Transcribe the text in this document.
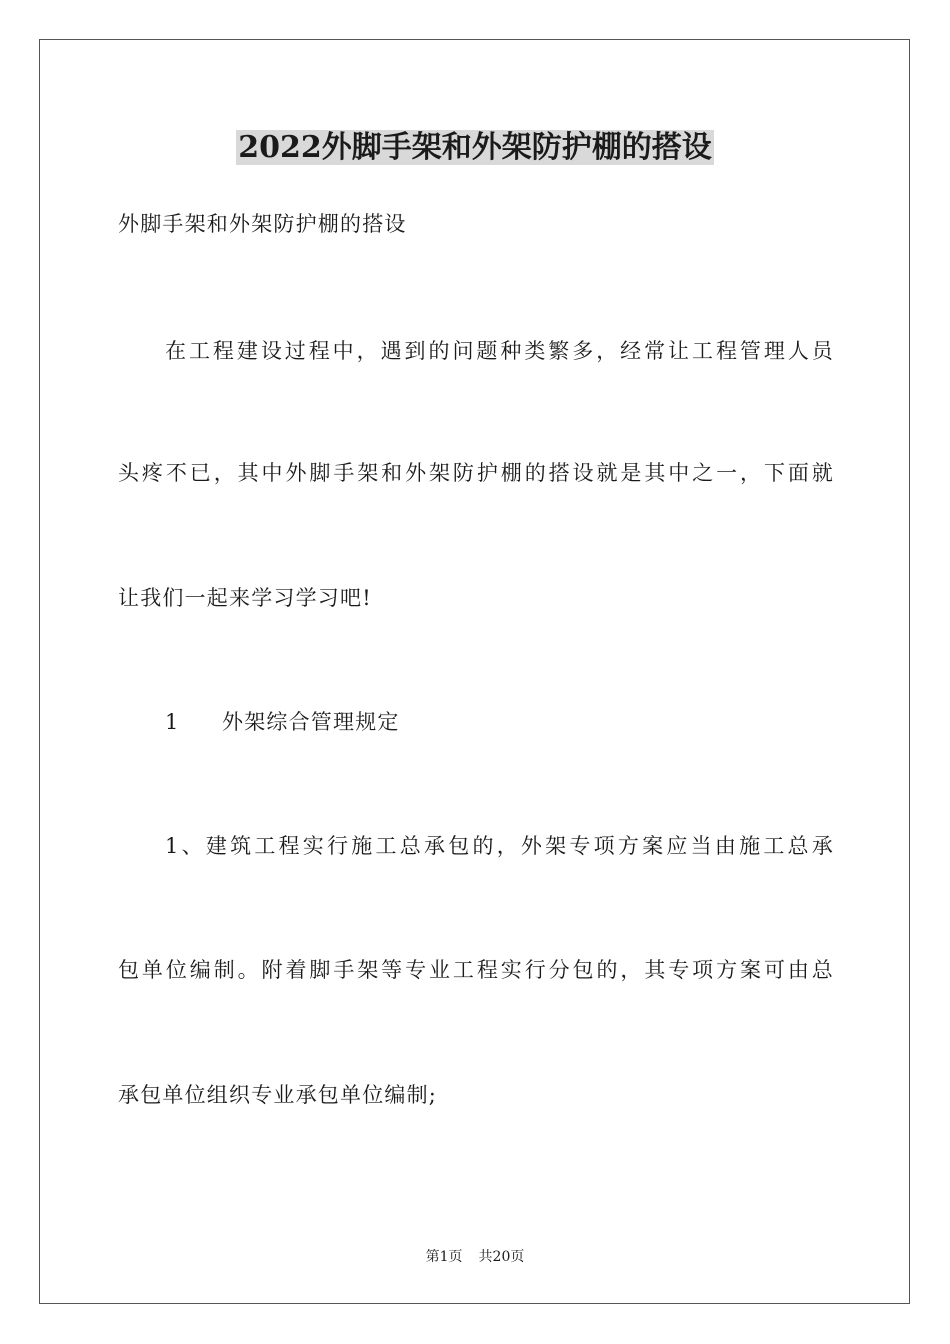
2022外脚手架和外架防护棚的搭设
外脚手架和外架防护棚的搭设
在工程建设过程中，遇到的问题种类繁多，经常让工程管理人员
头疼不已，其中外脚手架和外架防护棚的搭设就是其中之一，下面就
让我们一起来学习学习吧!
1 外架综合管理规定
1、建筑工程实行施工总承包的，外架专项方案应当由施工总承
包单位编制。附着脚手架等专业工程实行分包的，其专项方案可由总
承包单位组织专业承包单位编制;
第1页 共20页
